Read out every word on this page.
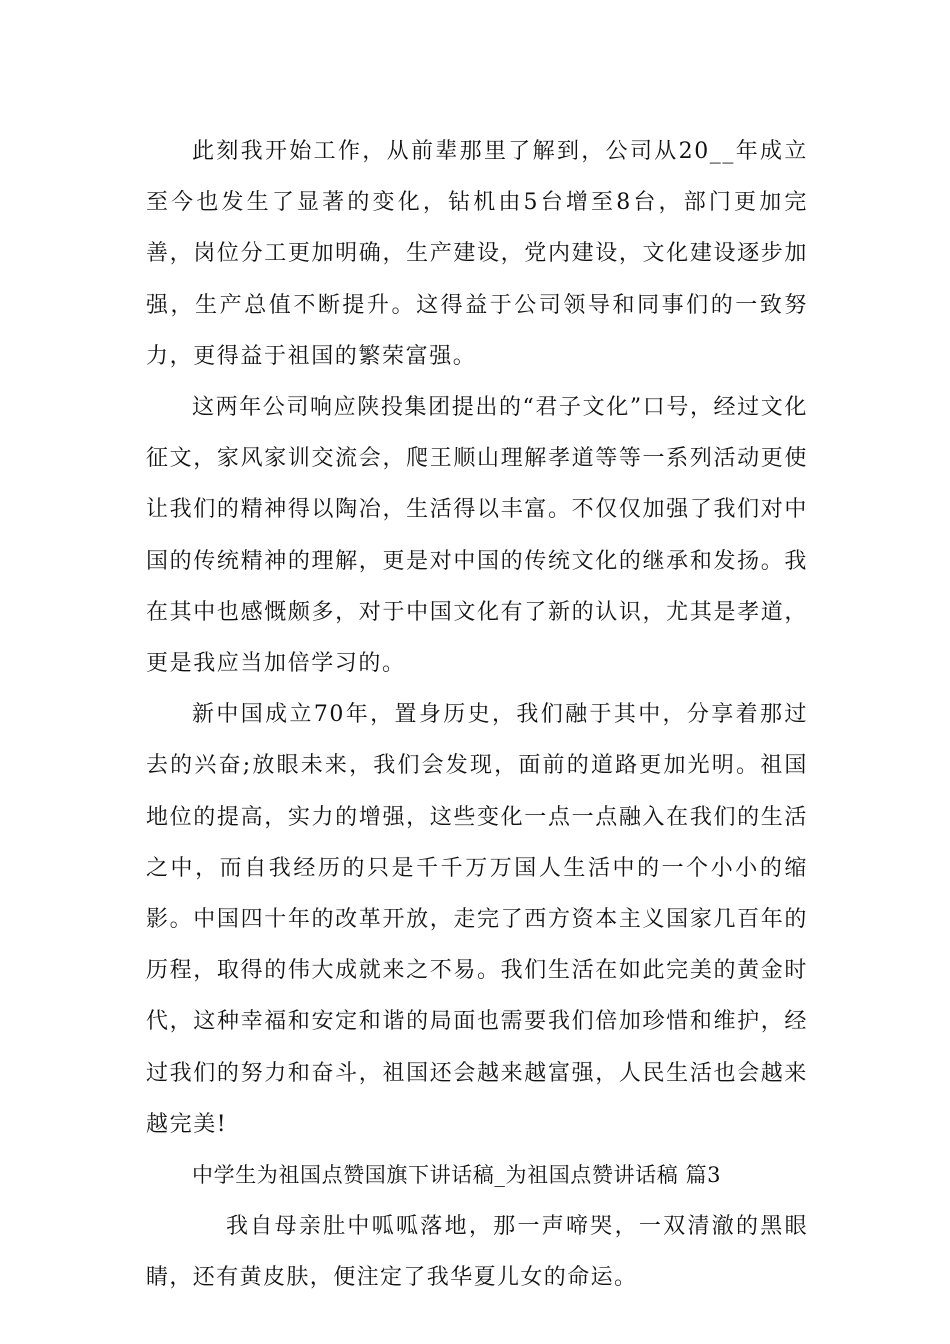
此刻我开始工作，从前辈那里了解到，公司从20__年成立至今也发生了显著的变化，钻机由5台增至8台，部门更加完善，岗位分工更加明确，生产建设，党内建设，文化建设逐步加强，生产总值不断提升。这得益于公司领导和同事们的一致努力，更得益于祖国的繁荣富强。

这两年公司响应陕投集团提出的“君子文化”口号，经过文化征文，家风家训交流会，爬王顺山理解孝道等等一系列活动更使让我们的精神得以陶冶，生活得以丰富。不仅仅加强了我们对中国的传统精神的理解，更是对中国的传统文化的继承和发扬。我在其中也感慨颇多，对于中国文化有了新的认识，尤其是孝道，更是我应当加倍学习的。

新中国成立70年，置身历史，我们融于其中，分享着那过去的兴奋;放眼未来，我们会发现，面前的道路更加光明。祖国地位的提高，实力的增强，这些变化一点一点融入在我们的生活之中，而自我经历的只是千千万万国人生活中的一个小小的缩影。中国四十年的改革开放，走完了西方资本主义国家几百年的历程，取得的伟大成就来之不易。我们生活在如此完美的黄金时代，这种幸福和安定和谐的局面也需要我们倍加珍惜和维护，经过我们的努力和奋斗，祖国还会越来越富强，人民生活也会越来越完美!

中学生为祖国点赞国旗下讲话稿_为祖国点赞讲话稿 篇3

我自母亲肚中呱呱落地，那一声啼哭，一双清澈的黑眼睛，还有黄皮肤，便注定了我华夏儿女的命运。
